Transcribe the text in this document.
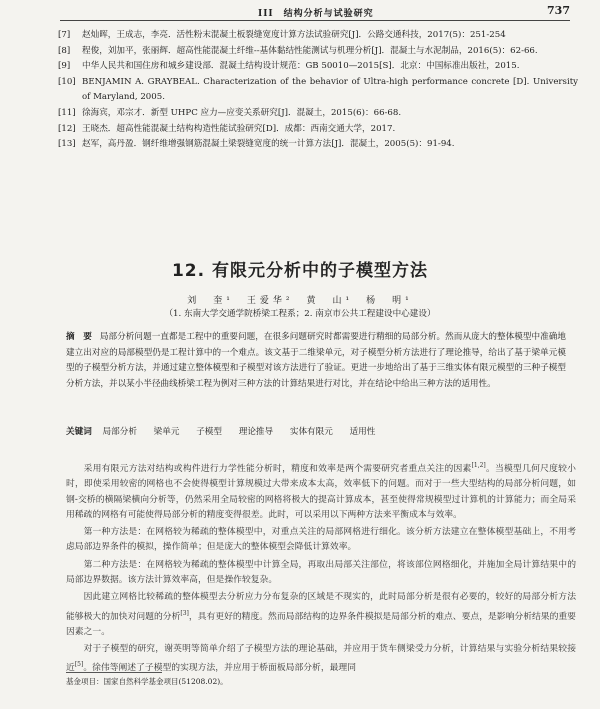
III　结构分析与试验研究	737
[7]	赵灿晖，王成志，李亮．活性粉末混凝土板裂缝宽度计算方法试验研究[J]．公路交通科技，2017(5)：251-254
[8]	程俊，刘加平，张丽辉．超高性能混凝土纤维--基体黏结性能测试与机理分析[J]．混凝土与水泥制品，2016(5)：62-66.
[9]	中华人民共和国住房和城乡建设部．混凝土结构设计规范：GB 50010—2015[S]．北京：中国标准出版社，2015.
[10] BENJAMIN A. GRAYBEAL. Characterization of the behavior of Ultra-high performance concrete [D]. University of Maryland, 2005.
[11] 徐海宾，邓宗才．新型 UHPC 应力—应变关系研究[J]．混凝土，2015(6)：66-68.
[12] 王晓杰．超高性能混凝土结构构造性能试验研究[D]．成都：西南交通大学，2017.
[13] 赵军，高丹盈．钢纤维增强钢筋混凝土梁裂缝宽度的统一计算方法[J]．混凝土，2005(5)：91-94.
12. 有限元分析中的子模型方法
刘　奎¹　王爱华²　黄　山¹　杨　明¹
（1. 东南大学交通学院桥梁工程系；2. 南京市公共工程建设中心建设）
摘　要 局部分析问题一直都是工程中的重要问题，在很多问题研究时都需要进行精细的局部分析。然而从庞大的整体模型中准确地建立出对应的局部模型仍是工程计算中的一个难点。该文基于二维梁单元，对子模型分析方法进行了理论推导，给出了基于梁单元模型的子模型分析方法，并通过建立整体模型和子模型对该方法进行了验证。更进一步地给出了基于三维实体有限元模型的三种子模型分析方法，并以某小半径曲线桥梁工程为例对三种方法的计算结果进行对比，并在结论中给出三种方法的适用性。
关键词 局部分析 梁单元 子模型 理论推导 实体有限元 适用性

采用有限元方法对结构或构件进行力学性能分析时，精度和效率是两个需要研究者重点关注的因素[1,2]。当模型几何尺度较小时，即使采用较密的网格也不会使得模型计算规模过大带来成本太高，效率低下的问题。而对于一些大型结构的局部分析问题，如钢-交桥的横隔梁横向分析等，仍然采用全局较密的网格将极大的提高计算成本，甚至使得常规模型过计算机的计算能力；而全局采用稀疏的网格有可能使得局部分析的精度变得很差。此时，可以采用以下两种方法来平衡成本与效率。

第一种方法是：在网格较为稀疏的整体模型中，对重点关注的局部网格进行细化。该分析方法建立在整体模型基础上，不用考虑局部边界条件的模拟，操作简单；但是庞大的整体模型会降低计算效率。

第二种方法是：在网格较为稀疏的整体模型中计算全局，再取出局部关注部位，将该部位网格细化，并施加全局计算结果中的局部边界数据。该方法计算效率高，但是操作较复杂。

因此建立网格比较稀疏的整体模型去分析应力分布复杂的区域是不现实的，此时局部分析是很有必要的，较好的局部分析方法能够极大的加快对问题的分析[3]，具有更好的精度。然而局部结构的边界条件模拟是局部分析的难点、要点，是影响分析结果的重要因素之一。

对于子模型的研究，谢英明等简单介绍了子模型方法的理论基础，并应用于货车侧梁受力分析，计算结果与实验分析结果较接近[5]。徐伟等阐述了子模型的实现方法，并应用于桥面板局部分析，最理同

基金项目：国家自然科学基金项目(51208.02)。
